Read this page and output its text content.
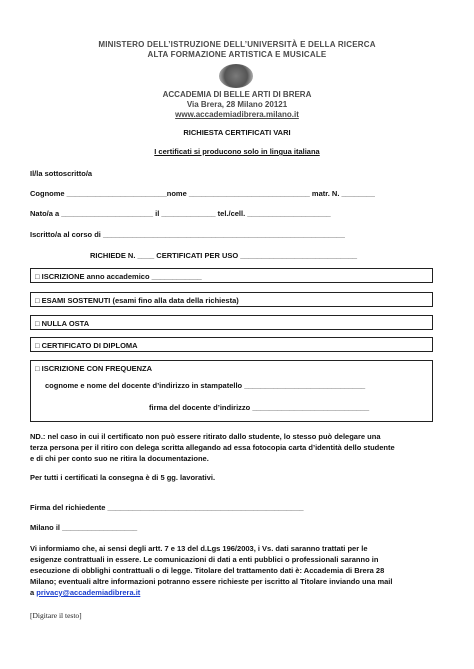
MINISTERO DELL’ISTRUZIONE DELL’UNIVERSITÀ E DELLA RICERCA
ALTA FORMAZIONE ARTISTICA E MUSICALE
ACCADEMIA DI BELLE ARTI DI BRERA
Via Brera, 28 Milano 20121
www.accademiadibrera.milano.it
RICHIESTA CERTIFICATI VARI
I certificati si producono solo in lingua italiana
Il/la sottoscritto/a
Cognome ________________________nome _____________________________ matr. N. ________
Nato/a a ______________________ il _____________ tel./cell. ____________________
Iscritto/a al corso di __________________________________________________________
RICHIEDE N. ____ CERTIFICATI PER USO ____________________________
□ ISCRIZIONE anno accademico ____________
□ ESAMI SOSTENUTI (esami fino alla data della richiesta)
□ NULLA OSTA
□ CERTIFICATO DI DIPLOMA
□ ISCRIZIONE CON FREQUENZA
cognome e nome del docente d’indirizzo in stampatello _____________________________
firma del docente d’indirizzo ____________________________
ND.: nel caso in cui il certificato non può essere ritirato dallo studente, lo stesso può delegare una
terza persona per il ritiro con delega scritta allegando ad essa fotocopia carta d’identità dello studente
e di chi per conto suo ne ritira la documentazione.
Per tutti i certificati la consegna è di 5 gg. lavorativi.
Firma del richiedente _______________________________________________
Milano il __________________
Vi informiamo che, ai sensi degli artt. 7 e 13 del d.Lgs 196/2003, i Vs. dati saranno trattati per le
esigenze contrattuali in essere. Le comunicazioni di dati a enti pubblici o professionali saranno in
esecuzione di obblighi contrattuali o di legge. Titolare del trattamento dati è: Accademia di Brera 28
Milano; eventuali altre informazioni potranno essere richieste per iscritto al Titolare inviando una mail
a privacy@accademiadibrera.it
[Digitare il testo]
